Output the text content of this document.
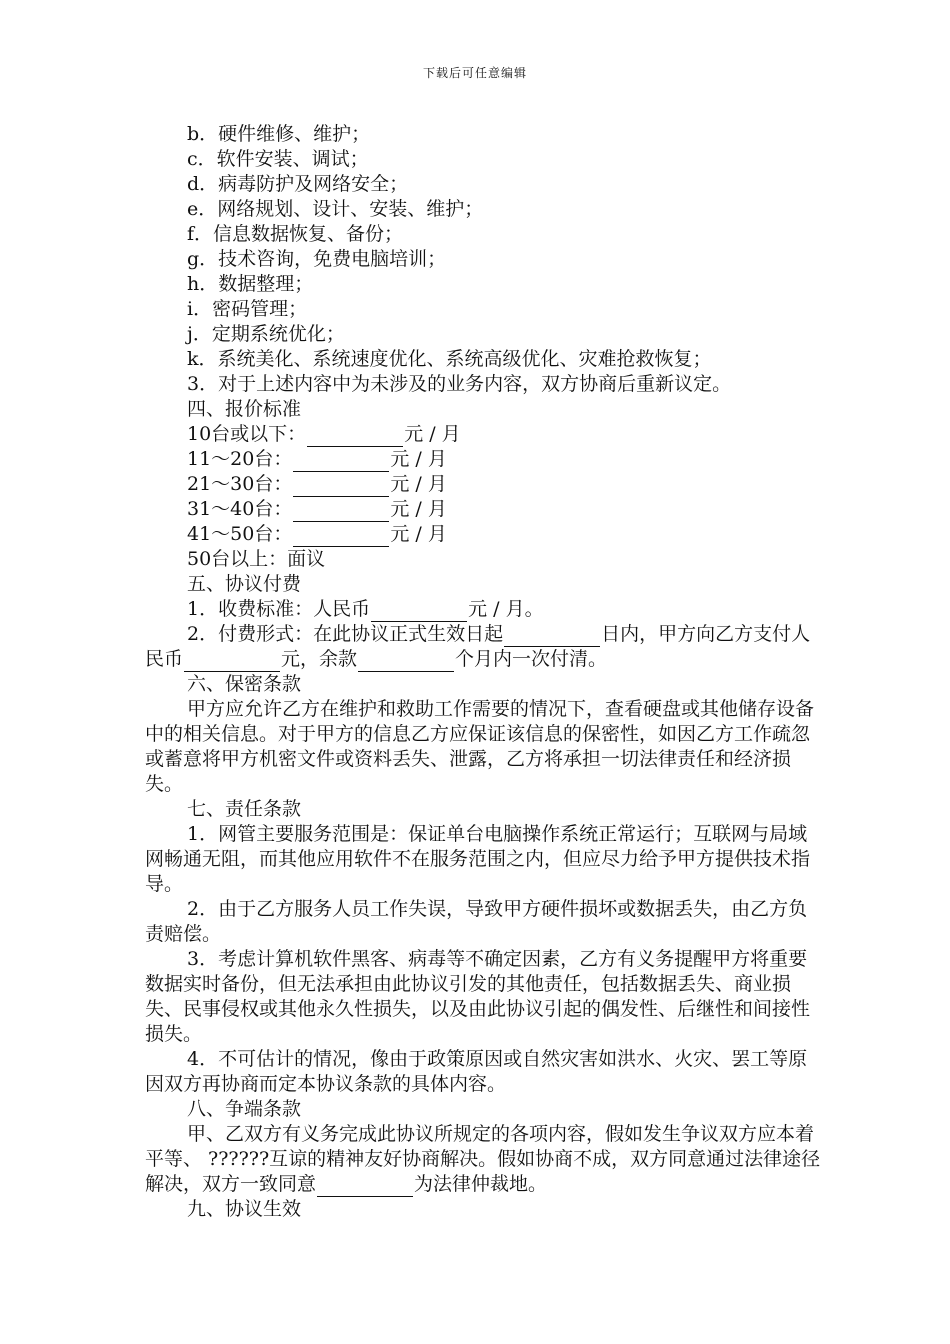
下载后可任意编辑
b．硬件维修、维护；
c．软件安装、调试；
d．病毒防护及网络安全；
e．网络规划、设计、安装、维护；
f．信息数据恢复、备份；
g．技术咨询，免费电脑培训；
h．数据整理；
i．密码管理；
j．定期系统优化；
k．系统美化、系统速度优化、系统高级优化、灾难抢救恢复；
3．对于上述内容中为未涉及的业务内容，双方协商后重新议定。
四、报价标准
10台或以下：	元 / 月
11～20台：	元 / 月
21～30台：	元 / 月
31～40台：	元 / 月
41～50台：	元 / 月
50台以上：面议
五、协议付费
1．收费标准：人民币	元 / 月。
2．付费形式：在此协议正式生效日起	日内，甲方向乙方支付人民币	元，余款	个月内一次付清。
六、保密条款
甲方应允许乙方在维护和救助工作需要的情况下，查看硬盘或其他储存设备中的相关信息。对于甲方的信息乙方应保证该信息的保密性，如因乙方工作疏忽或蓄意将甲方机密文件或资料丢失、泄露，乙方将承担一切法律责任和经济损失。
七、责任条款
1．网管主要服务范围是：保证单台电脑操作系统正常运行；互联网与局域网畅通无阻，而其他应用软件不在服务范围之内，但应尽力给予甲方提供技术指导。
2．由于乙方服务人员工作失误，导致甲方硬件损坏或数据丢失，由乙方负责赔偿。
3．考虑计算机软件黑客、病毒等不确定因素，乙方有义务提醒甲方将重要数据实时备份，但无法承担由此协议引发的其他责任，包括数据丢失、商业损失、民事侵权或其他永久性损失，以及由此协议引起的偶发性、后继性和间接性损失。
4．不可估计的情况，像由于政策原因或自然灾害如洪水、火灾、罢工等原因双方再协商而定本协议条款的具体内容。
八、争端条款
甲、乙双方有义务完成此协议所规定的各项内容，假如发生争议双方应本着平等、 ??????互谅的精神友好协商解决。假如协商不成，双方同意通过法律途径解决，双方一致同意	为法律仲裁地。
九、协议生效
